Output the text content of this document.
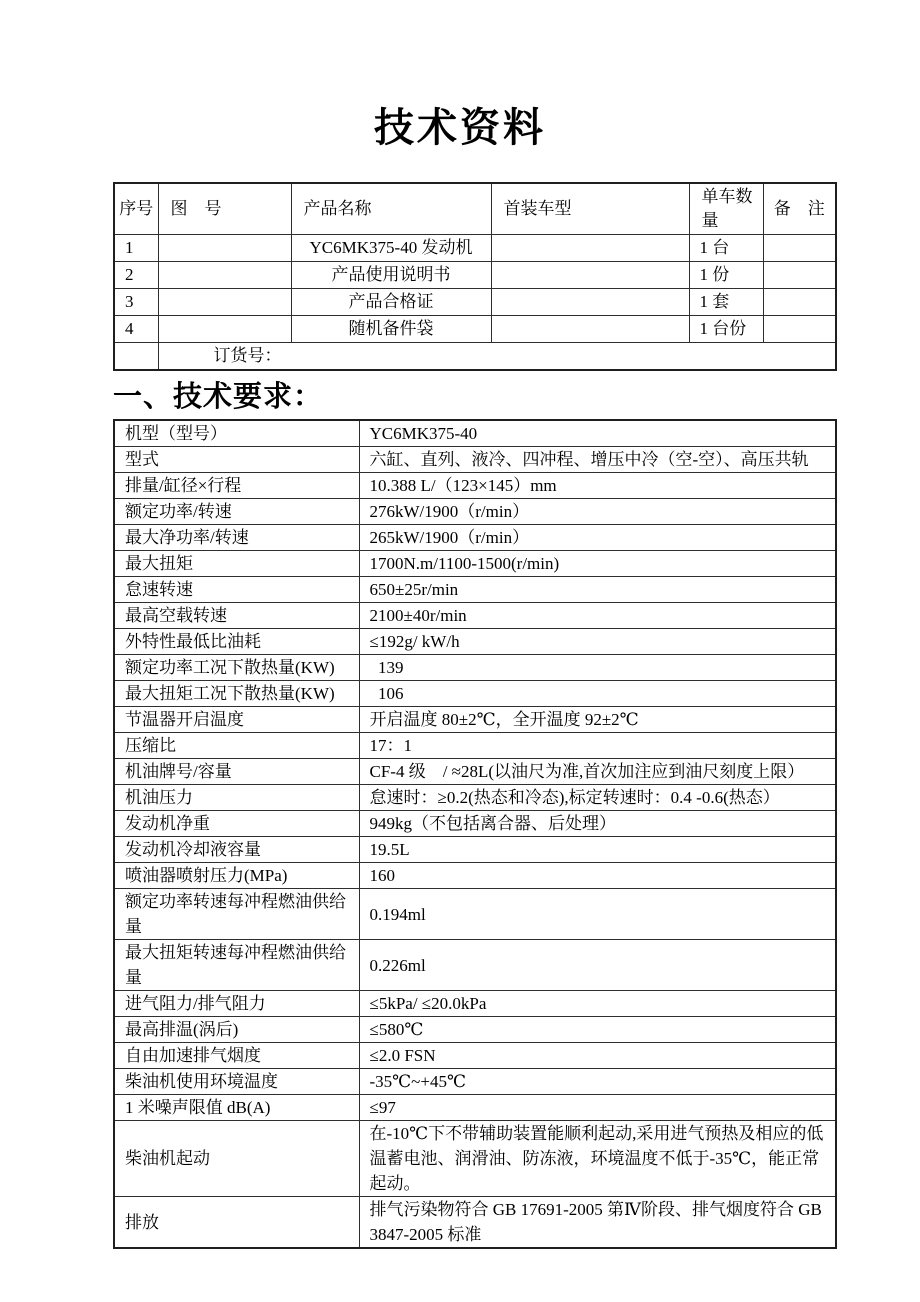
技术资料
序号	图　号	产品名称	首装车型	单车数量	备　注
1		YC6MK375-40 发动机		1 台	
2		产品使用说明书		1 份	
3		产品合格证		1 套	
4		随机备件袋		1 台份	
	订货号：				
一、技术要求：
机型（型号）	YC6MK375-40
型式	六缸、直列、液冷、四冲程、增压中冷（空-空）、高压共轨
排量/缸径×行程	10.388 L/（123×145）mm
额定功率/转速	276kW/1900（r/min）
最大净功率/转速	265kW/1900（r/min）
最大扭矩	1700N.m/1100-1500(r/min)
怠速转速	650±25r/min
最高空载转速	2100±40r/min
外特性最低比油耗	≤192g/ kW/h
额定功率工况下散热量(KW)	139
最大扭矩工况下散热量(KW)	106
节温器开启温度	开启温度 80±2℃，全开温度 92±2℃
压缩比	17：1
机油牌号/容量	CF-4 级　/ ≈28L(以油尺为准,首次加注应到油尺刻度上限）
机油压力	怠速时：≥0.2(热态和冷态),标定转速时：0.4 -0.6(热态）
发动机净重	949kg（不包括离合器、后处理）
发动机冷却液容量	19.5L
喷油器喷射压力(MPa)	160
额定功率转速每冲程燃油供给量	0.194ml
最大扭矩转速每冲程燃油供给量	0.226ml
进气阻力/排气阻力	≤5kPa/ ≤20.0kPa
最高排温(涡后)	≤580℃
自由加速排气烟度	≤2.0 FSN
柴油机使用环境温度	-35℃~+45℃
1 米噪声限值 dB(A)	≤97
柴油机起动	在-10℃下不带辅助装置能顺利起动,采用进气预热及相应的低温蓄电池、润滑油、防冻液，环境温度不低于-35℃，能正常起动。
排放	排气污染物符合 GB 17691-2005 第Ⅳ阶段、排气烟度符合 GB 3847-2005 标准
